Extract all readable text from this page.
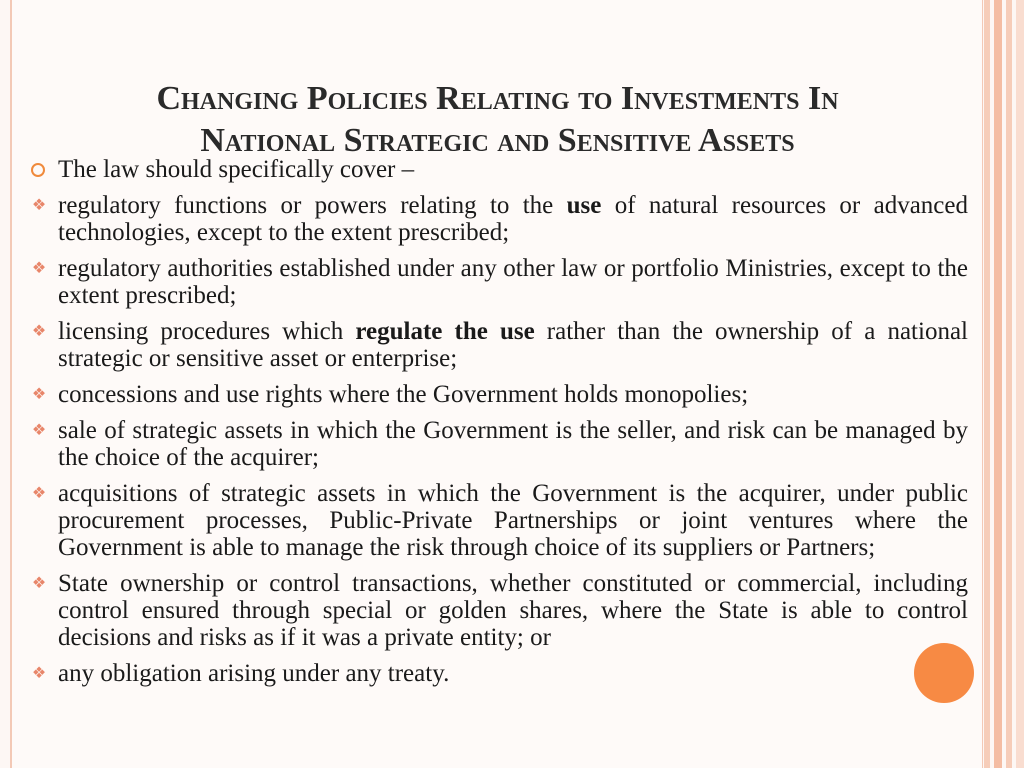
Changing Policies Relating to Investments In
National Strategic and Sensitive Assets
The law should specifically cover –
❖ regulatory functions or powers relating to the use of natural resources or advanced technologies, except to the extent prescribed;
❖ regulatory authorities established under any other law or portfolio Ministries, except to the extent prescribed;
❖ licensing procedures which regulate the use rather than the ownership of a national strategic or sensitive asset or enterprise;
❖ concessions and use rights where the Government holds monopolies;
❖ sale of strategic assets in which the Government is the seller, and risk can be managed by the choice of the acquirer;
❖ acquisitions of strategic assets in which the Government is the acquirer, under public procurement processes, Public-Private Partnerships or joint ventures where the Government is able to manage the risk through choice of its suppliers or Partners;
❖ State ownership or control transactions, whether constituted or commercial, including control ensured through special or golden shares, where the State is able to control decisions and risks as if it was a private entity; or
❖ any obligation arising under any treaty.
